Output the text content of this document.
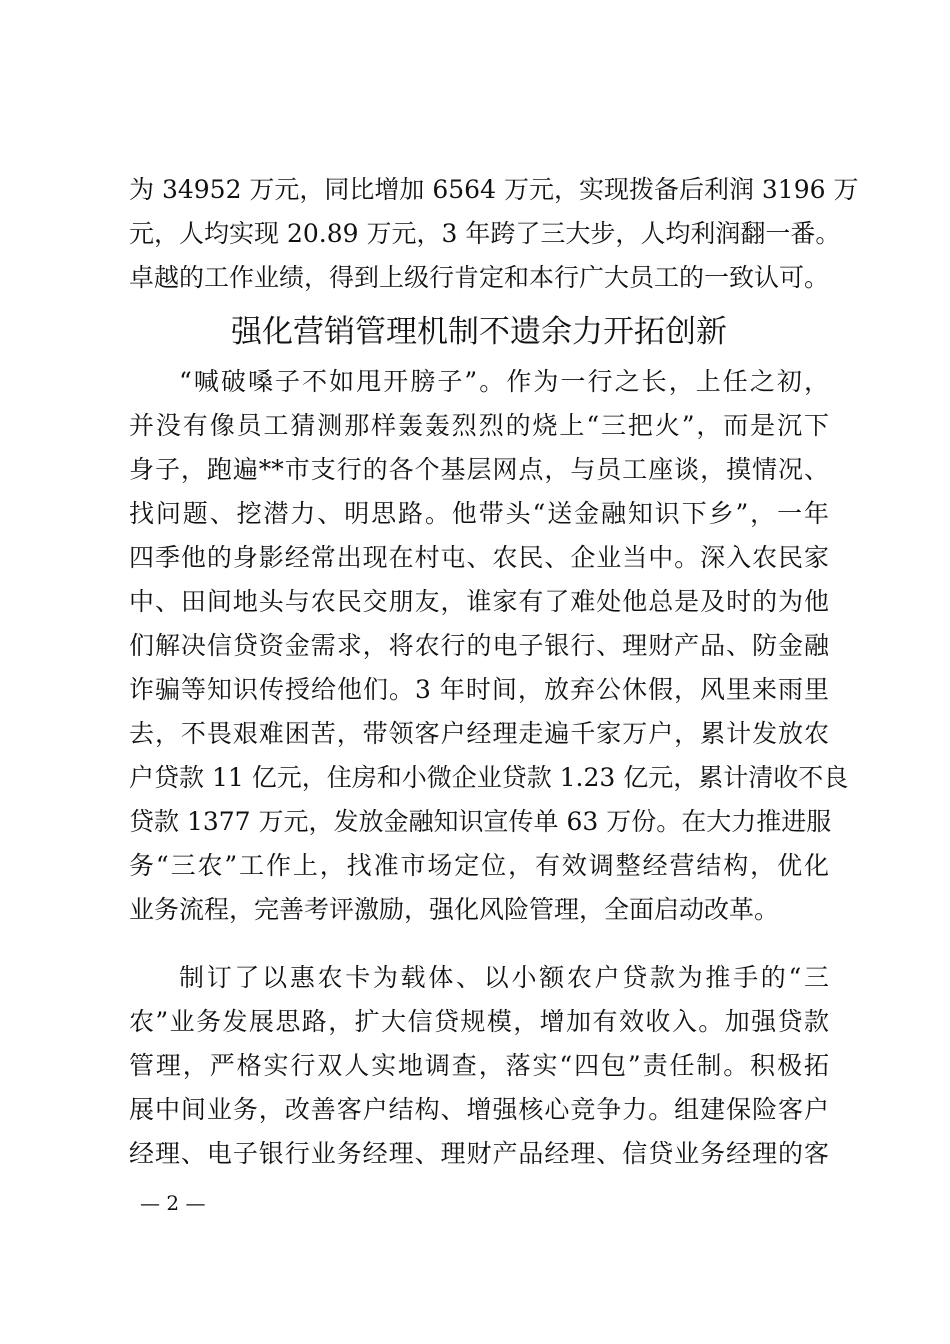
为 34952 万元，同比增加 6564 万元，实现拨备后利润 3196 万
元，人均实现 20.89 万元，3 年跨了三大步，人均利润翻一番。
卓越的工作业绩，得到上级行肯定和本行广大员工的一致认可。
强化营销管理机制不遗余力开拓创新
“喊破嗓子不如甩开膀子”。作为一行之长，上任之初，
并没有像员工猜测那样轰轰烈烈的烧上“三把火”，而是沉下
身子，跑遍**市支行的各个基层网点，与员工座谈，摸情况、
找问题、挖潜力、明思路。他带头“送金融知识下乡”，一年
四季他的身影经常出现在村屯、农民、企业当中。深入农民家
中、田间地头与农民交朋友，谁家有了难处他总是及时的为他
们解决信贷资金需求，将农行的电子银行、理财产品、防金融
诈骗等知识传授给他们。3 年时间，放弃公休假，风里来雨里
去，不畏艰难困苦，带领客户经理走遍千家万户，累计发放农
户贷款 11 亿元，住房和小微企业贷款 1.23 亿元，累计清收不良
贷款 1377 万元，发放金融知识宣传单 63 万份。在大力推进服
务“三农”工作上，找准市场定位，有效调整经营结构，优化
业务流程，完善考评激励，强化风险管理，全面启动改革。
制订了以惠农卡为载体、以小额农户贷款为推手的“三
农”业务发展思路，扩大信贷规模，增加有效收入。加强贷款
管理，严格实行双人实地调查，落实“四包”责任制。积极拓
展中间业务，改善客户结构、增强核心竞争力。组建保险客户
经理、电子银行业务经理、理财产品经理、信贷业务经理的客
— 2 —
